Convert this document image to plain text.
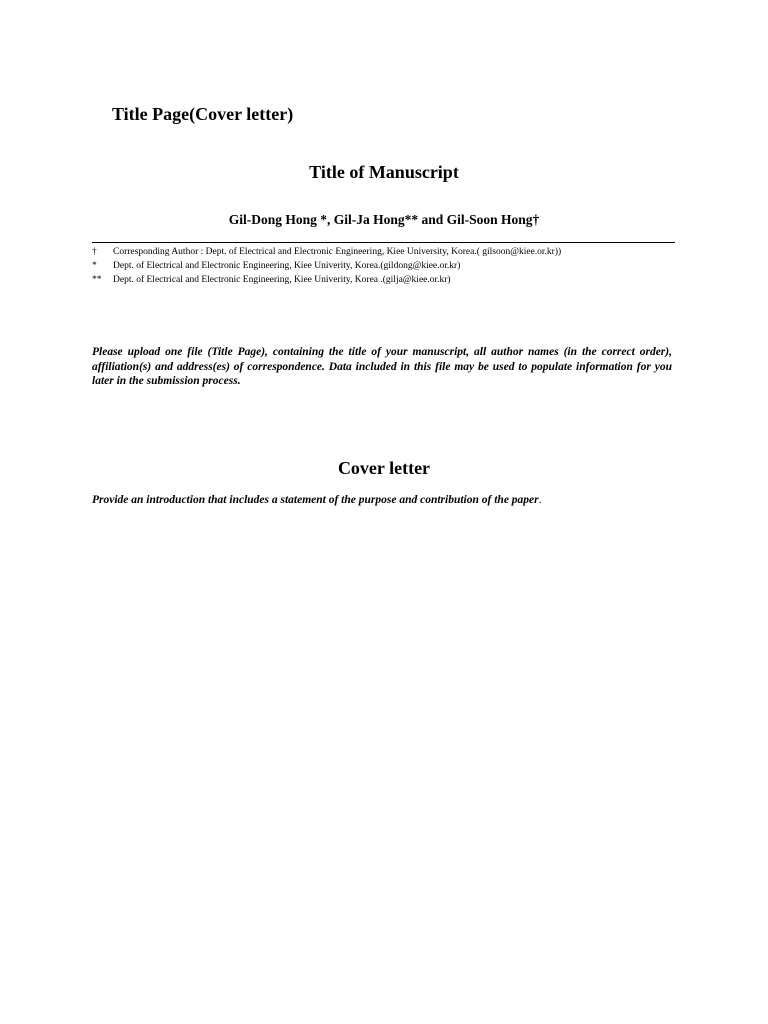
Title Page(Cover letter)
Title of Manuscript

Gil-Dong Hong *, Gil-Ja Hong** and Gil-Soon Hong†

†	Corresponding Author : Dept. of Electrical and Electronic Engineering, Kiee University, Korea.( gilsoon@kiee.or.kr))
*	Dept. of Electrical and Electronic Engineering, Kiee Univerity, Korea.(gildong@kiee.or.kr)
**	Dept. of Electrical and Electronic Engineering, Kiee Univerity, Korea .(gilja@kiee.or.kr)

Please upload one file (Title Page), containing the title of your manuscript, all author names (in the correct order), affiliation(s) and address(es) of correspondence. Data included in this file may be used to populate information for you later in the submission process.

Cover letter

Provide an introduction that includes a statement of the purpose and contribution of the paper.
